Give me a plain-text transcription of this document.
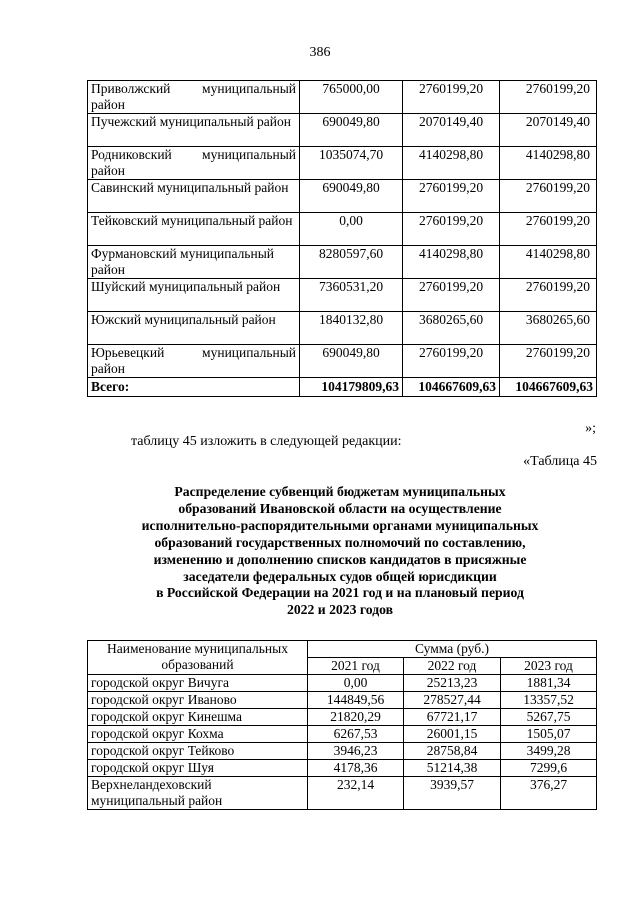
386
Приволжский муниципальный район	765000,00	2760199,20	2760199,20
Пучежский муниципальный район	690049,80	2070149,40	2070149,40
Родниковский муниципальный район	1035074,70	4140298,80	4140298,80
Савинский муниципальный район	690049,80	2760199,20	2760199,20
Тейковский муниципальный район	0,00	2760199,20	2760199,20
Фурмановский муниципальный район	8280597,60	4140298,80	4140298,80
Шуйский муниципальный район	7360531,20	2760199,20	2760199,20
Южский муниципальный район	1840132,80	3680265,60	3680265,60
Юрьевецкий муниципальный район	690049,80	2760199,20	2760199,20
Всего:	104179809,63	104667609,63	104667609,63
»;
таблицу 45 изложить в следующей редакции:
«Таблица 45
Распределение субвенций бюджетам муниципальных
образований Ивановской области на осуществление
исполнительно-распорядительными органами муниципальных
образований государственных полномочий по составлению,
изменению и дополнению списков кандидатов в присяжные
заседатели федеральных судов общей юрисдикции
в Российской Федерации на 2021 год и на плановый период
2022 и 2023 годов
Наименование муниципальных образований	Сумма (руб.)		
	2021 год	2022 год	2023 год
городской округ Вичуга	0,00	25213,23	1881,34
городской округ Иваново	144849,56	278527,44	13357,52
городской округ Кинешма	21820,29	67721,17	5267,75
городской округ Кохма	6267,53	26001,15	1505,07
городской округ Тейково	3946,23	28758,84	3499,28
городской округ Шуя	4178,36	51214,38	7299,6
Верхнеландеховский муниципальный район	232,14	3939,57	376,27
